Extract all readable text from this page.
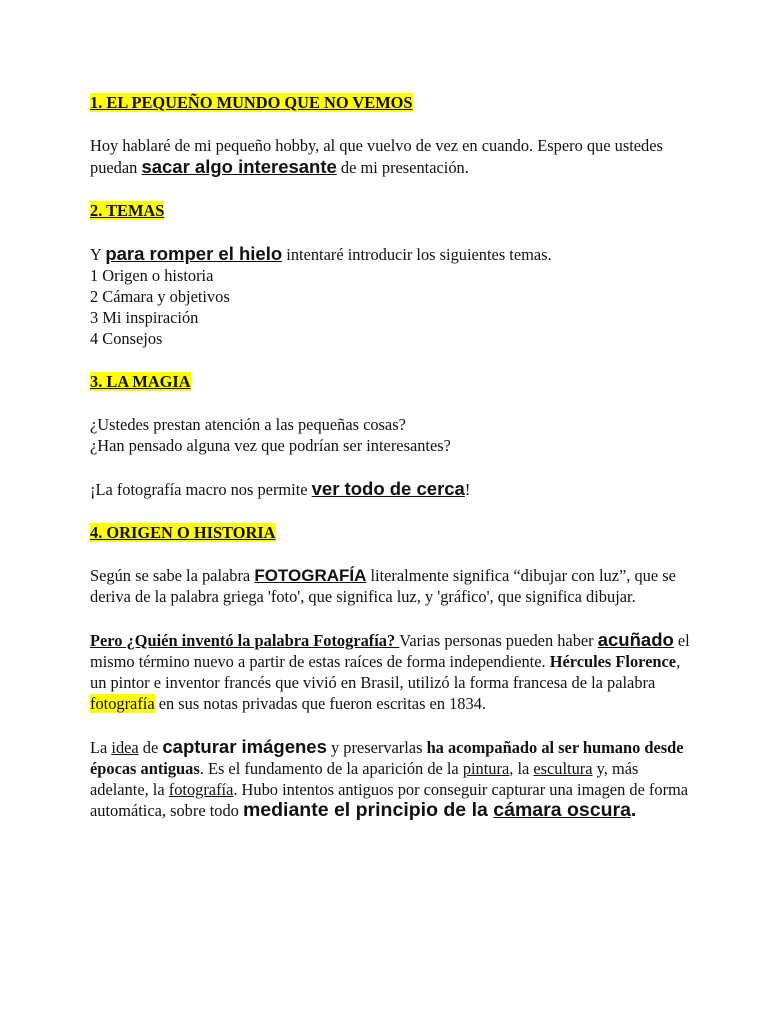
1. EL PEQUEÑO MUNDO QUE NO VEMOS

Hoy hablaré de mi pequeño hobby, al que vuelvo de vez en cuando. Espero que ustedes puedan sacar algo interesante de mi presentación.

2. TEMAS

Y para romper el hielo intentaré introducir los siguientes temas.

1 Origen o historia

2 Cámara y objetivos

3 Mi inspiración

4 Consejos

3. LA MAGIA

¿Ustedes prestan atención a las pequeñas cosas?

¿Han pensado alguna vez que podrían ser interesantes?

¡La fotografía macro nos permite ver todo de cerca!

4. ORIGEN O HISTORIA

Según se sabe la palabra FOTOGRAFÍA literalmente significa “dibujar con luz”, que se deriva de la palabra griega 'foto', que significa luz, y 'gráfico', que significa dibujar.

Pero ¿Quién inventó la palabra Fotografía? Varias personas pueden haber acuñado el mismo término nuevo a partir de estas raíces de forma independiente. Hércules Florence, un pintor e inventor francés que vivió en Brasil, utilizó la forma francesa de la palabra fotografía en sus notas privadas que fueron escritas en 1834.

La idea de capturar imágenes y preservarlas ha acompañado al ser humano desde épocas antiguas. Es el fundamento de la aparición de la pintura, la escultura y, más adelante, la fotografía. Hubo intentos antiguos por conseguir capturar una imagen de forma automática, sobre todo mediante el principio de la cámara oscura.
